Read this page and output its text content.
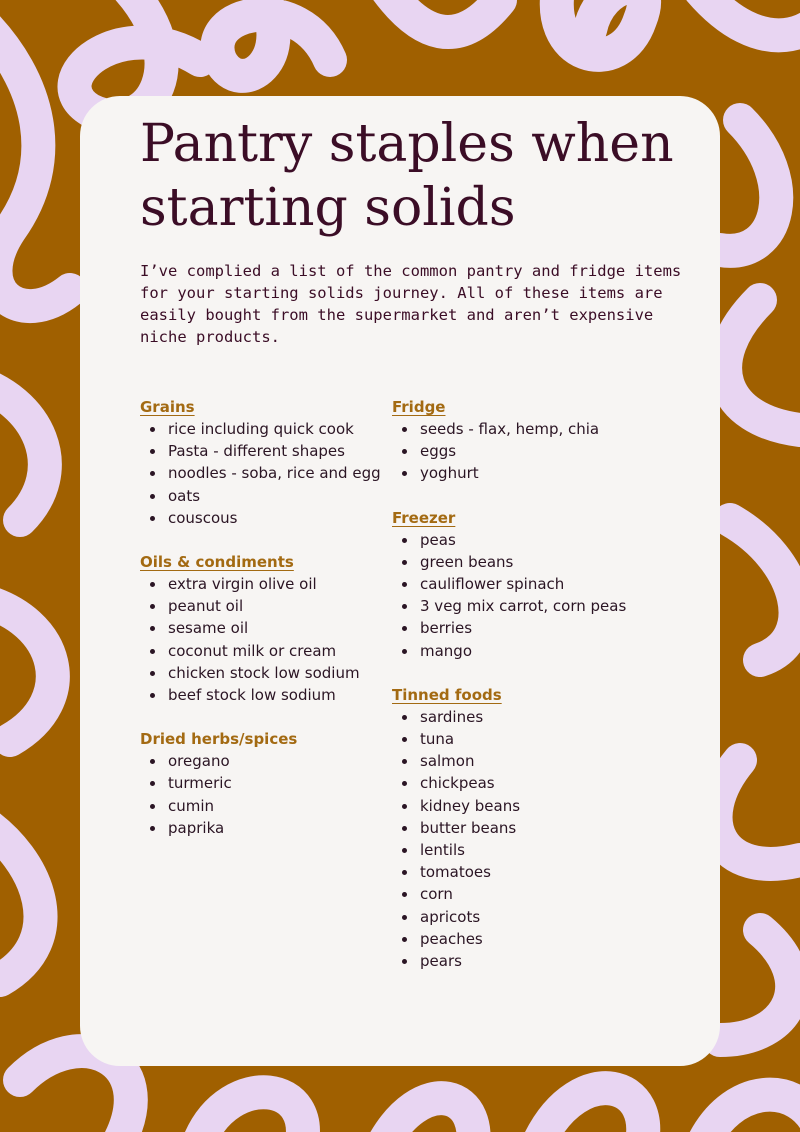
Pantry staples when starting solids

I’ve complied a list of the common pantry and fridge items for your starting solids journey. All of these items are easily bought from the supermarket and aren’t expensive niche products.

Grains

rice including quick cook
Pasta - different shapes
noodles - soba, rice and egg
oats
couscous

Oils & condiments

extra virgin olive oil
peanut oil
sesame oil
coconut milk or cream
chicken stock low sodium
beef stock low sodium

Dried herbs/spices

oregano
turmeric
cumin
paprika

Fridge

seeds - flax, hemp, chia
eggs
yoghurt

Freezer

peas
green beans
cauliflower spinach
3 veg mix carrot, corn peas
berries
mango

Tinned foods

sardines
tuna
salmon
chickpeas
kidney beans
butter beans
lentils
tomatoes
corn
apricots
peaches
pears
